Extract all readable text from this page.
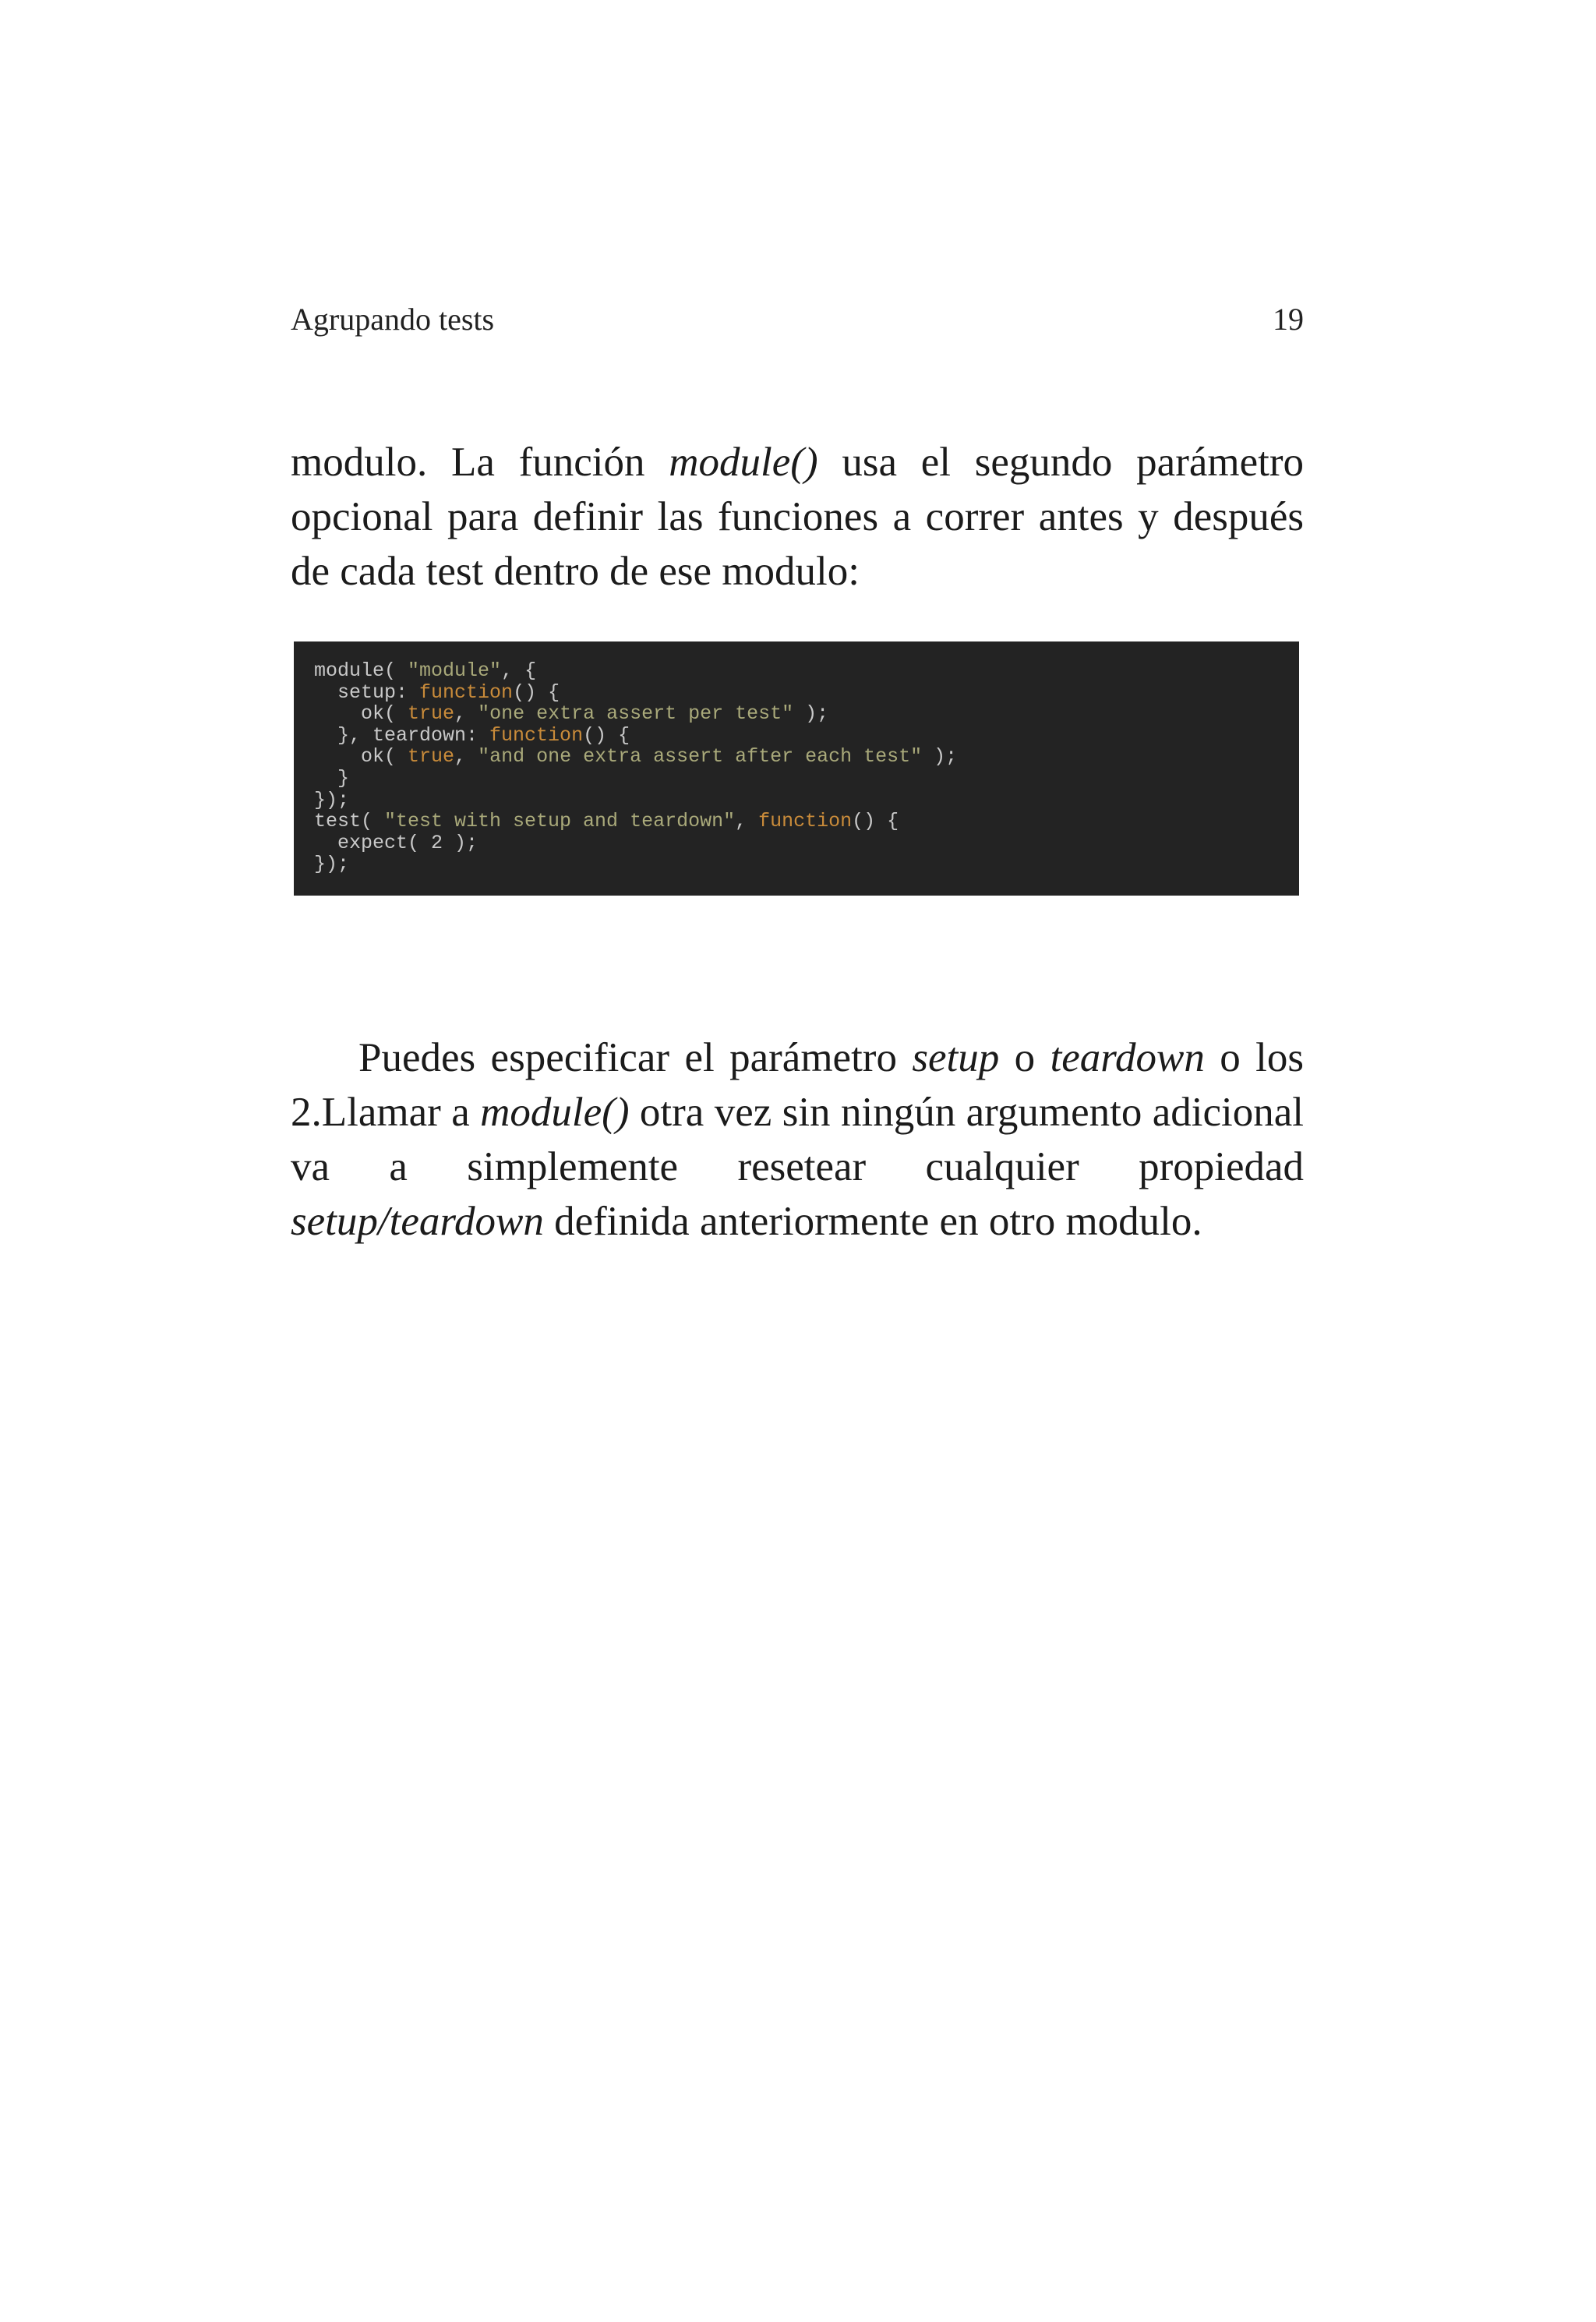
Agrupando tests	19

modulo. La función module() usa el segundo parámetro opcional para definir las funciones a correr antes y después de cada test dentro de ese modulo:

module( "module", {
setup: function() {
ok( true, "one extra assert per test" );
}, teardown: function() {
ok( true, "and one extra assert after each test" );
}
});
test( "test with setup and teardown", function() {
expect( 2 );
});

Puedes especificar el parámetro setup o teardown o los 2.Llamar a module() otra vez sin ningún argumento adicional va a simplemente resetear cualquier propiedad setup/teardown definida anteriormente en otro modulo.
